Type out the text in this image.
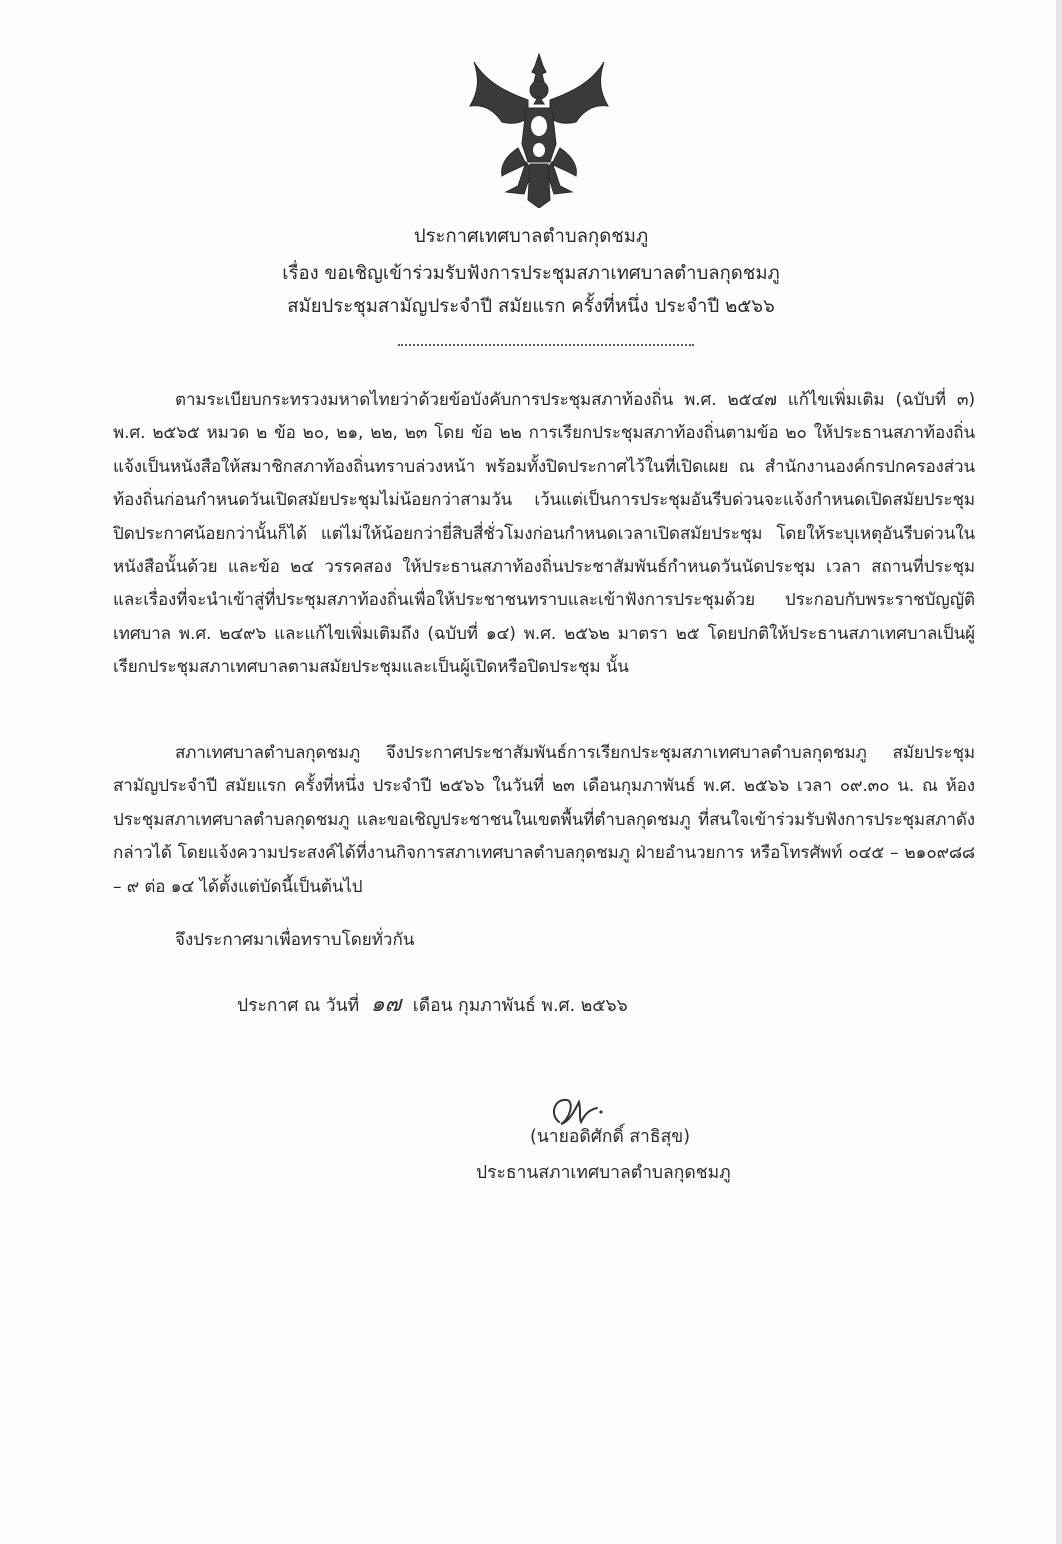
ประกาศเทศบาลตำบลกุดชมภู
เรื่อง ขอเชิญเข้าร่วมรับฟังการประชุมสภาเทศบาลตำบลกุดชมภู
สมัยประชุมสามัญประจำปี สมัยแรก ครั้งที่หนึ่ง ประจำปี ๒๕๖๖

ตามระเบียบกระทรวงมหาดไทยว่าด้วยข้อบังคับการประชุมสภาท้องถิ่น พ.ศ. ๒๕๔๗ แก้ไขเพิ่มเติม (ฉบับที่ ๓) พ.ศ. ๒๕๖๕ หมวด ๒ ข้อ ๒๐, ๒๑, ๒๒, ๒๓ โดย ข้อ ๒๒ การเรียกประชุมสภาท้องถิ่นตามข้อ ๒๐ ให้ประธานสภาท้องถิ่นแจ้งเป็นหนังสือให้สมาชิกสภาท้องถิ่นทราบล่วงหน้า พร้อมทั้งปิดประกาศไว้ในที่เปิดเผย ณ สำนักงานองค์กรปกครองส่วนท้องถิ่นก่อนกำหนดวันเปิดสมัยประชุมไม่น้อยกว่าสามวัน เว้นแต่เป็นการประชุมอันรีบด่วนจะแจ้งกำหนดเปิดสมัยประชุมปิดประกาศน้อยกว่านั้นก็ได้ แต่ไม่ให้น้อยกว่ายี่สิบสี่ชั่วโมงก่อนกำหนดเวลาเปิดสมัยประชุม โดยให้ระบุเหตุอันรีบด่วนในหนังสือนั้นด้วย และข้อ ๒๔ วรรคสอง ให้ประธานสภาท้องถิ่นประชาสัมพันธ์กำหนดวันนัดประชุม เวลา สถานที่ประชุม และเรื่องที่จะนำเข้าสู่ที่ประชุมสภาท้องถิ่นเพื่อให้ประชาชนทราบและเข้าฟังการประชุมด้วย ประกอบกับพระราชบัญญัติเทศบาล พ.ศ. ๒๔๙๖ และแก้ไขเพิ่มเติมถึง (ฉบับที่ ๑๔) พ.ศ. ๒๕๖๒ มาตรา ๒๕ โดยปกติให้ประธานสภาเทศบาลเป็นผู้เรียกประชุมสภาเทศบาลตามสมัยประชุมและเป็นผู้เปิดหรือปิดประชุม นั้น

สภาเทศบาลตำบลกุดชมภู จึงประกาศประชาสัมพันธ์การเรียกประชุมสภาเทศบาลตำบลกุดชมภู สมัยประชุมสามัญประจำปี สมัยแรก ครั้งที่หนึ่ง ประจำปี ๒๕๖๖ ในวันที่ ๒๓ เดือนกุมภาพันธ์ พ.ศ. ๒๕๖๖ เวลา ๐๙.๓๐ น. ณ ห้องประชุมสภาเทศบาลตำบลกุดชมภู และขอเชิญประชาชนในเขตพื้นที่ตำบลกุดชมภู ที่สนใจเข้าร่วมรับฟังการประชุมสภาดังกล่าวได้ โดยแจ้งความประสงค์ได้ที่งานกิจการสภาเทศบาลตำบลกุดชมภู ฝ่ายอำนวยการ หรือโทรศัพท์ ๐๔๕ – ๒๑๐๙๘๘ – ๙ ต่อ ๑๔ ได้ตั้งแต่บัดนี้เป็นต้นไป

จึงประกาศมาเพื่อทราบโดยทั่วกัน
ประกาศ ณ วันที่ ๑๗ เดือน กุมภาพันธ์ พ.ศ. ๒๕๖๖
(นายอดิศักดิ์ สาธิสุข)
ประธานสภาเทศบาลตำบลกุดชมภู
